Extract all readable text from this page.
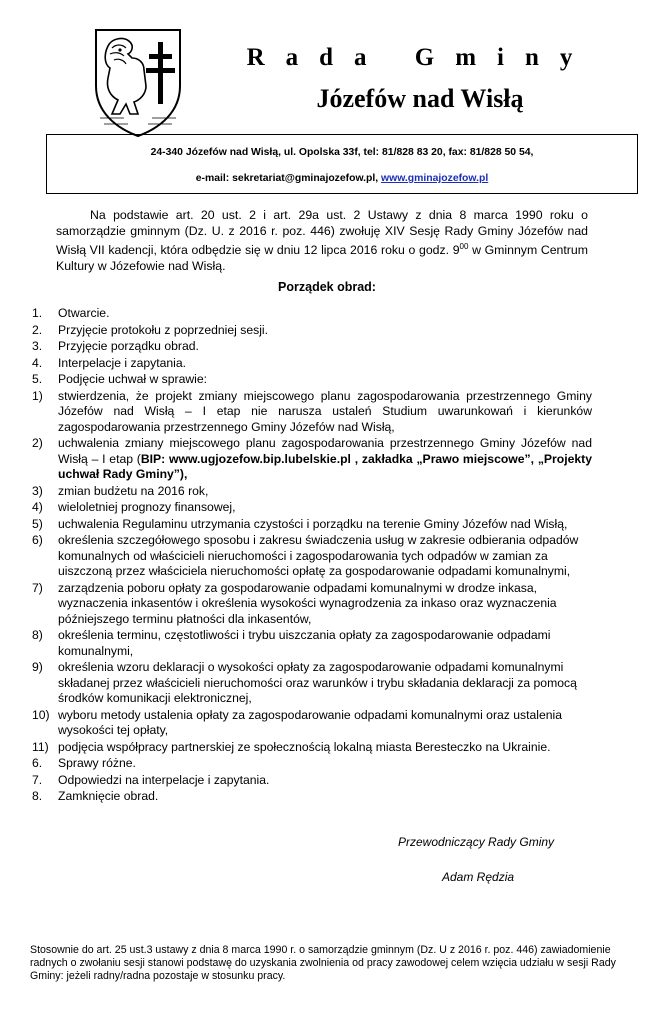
Rada Gminy
Józefów nad Wisłą
24-340 Józefów nad Wisłą, ul. Opolska 33f, tel: 81/828 83 20, fax: 81/828 50 54,
e-mail: sekretariat@gminajozefow.pl, www.gminajozefow.pl
Na podstawie art. 20 ust. 2 i art. 29a ust. 2 Ustawy z dnia 8 marca 1990 roku o samorządzie gminnym (Dz. U. z 2016 r. poz. 446) zwołuję XIV Sesję Rady Gminy Józefów nad Wisłą VII kadencji, która odbędzie się w dniu 12 lipca 2016 roku o godz. $9^{00}$ w Gminnym Centrum Kultury w Józefowie nad Wisłą.
Porządek obrad:
1. Otwarcie.
2. Przyjęcie protokołu z poprzedniej sesji.
3. Przyjęcie porządku obrad.
4. Interpelacje i zapytania.
5. Podjęcie uchwał w sprawie:
1) stwierdzenia, że projekt zmiany miejscowego planu zagospodarowania przestrzennego Gminy Józefów nad Wisłą – I etap nie narusza ustaleń Studium uwarunkowań i kierunków zagospodarowania przestrzennego Gminy Józefów nad Wisłą,
2) uchwalenia zmiany miejscowego planu zagospodarowania przestrzennego Gminy Józefów nad Wisłą – I etap (BIP: www.ugjozefow.bip.lubelskie.pl , zakładka „Prawo miejscowe”, „Projekty uchwał Rady Gminy”),
3) zmian budżetu na 2016 rok,
4) wieloletniej prognozy finansowej,
5) uchwalenia Regulaminu utrzymania czystości i porządku na terenie Gminy Józefów nad Wisłą,
6) określenia szczegółowego sposobu i zakresu świadczenia usług w zakresie odbierania odpadów komunalnych od właścicieli nieruchomości i zagospodarowania tych odpadów w zamian za uiszczoną przez właściciela nieruchomości opłatę za gospodarowanie odpadami komunalnymi,
7) zarządzenia poboru opłaty za gospodarowanie odpadami komunalnymi w drodze inkasa, wyznaczenia inkasentów i określenia wysokości wynagrodzenia za inkaso oraz wyznaczenia późniejszego terminu płatności dla inkasentów,
8) określenia terminu, częstotliwości i trybu uiszczania opłaty za zagospodarowanie odpadami komunalnymi,
9) określenia wzoru deklaracji o wysokości opłaty za zagospodarowanie odpadami komunalnymi składanej przez właścicieli nieruchomości oraz warunków i trybu składania deklaracji za pomocą środków komunikacji elektronicznej,
10) wyboru metody ustalenia opłaty za zagospodarowanie odpadami komunalnymi oraz ustalenia wysokości tej opłaty,
11) podjęcia współpracy partnerskiej ze społecznością lokalną miasta Beresteczko na Ukrainie.
6. Sprawy różne.
7. Odpowiedzi na interpelacje i zapytania.
8. Zamknięcie obrad.
Przewodniczący Rady Gminy
Adam Rędzia
Stosownie do art. 25 ust.3 ustawy z dnia 8 marca 1990 r. o samorządzie gminnym (Dz. U z 2016 r. poz. 446) zawiadomienie radnych o zwołaniu sesji stanowi podstawę do uzyskania zwolnienia od pracy zawodowej celem wzięcia udziału w sesji Rady Gminy: jeżeli radny/radna pozostaje w stosunku pracy.
